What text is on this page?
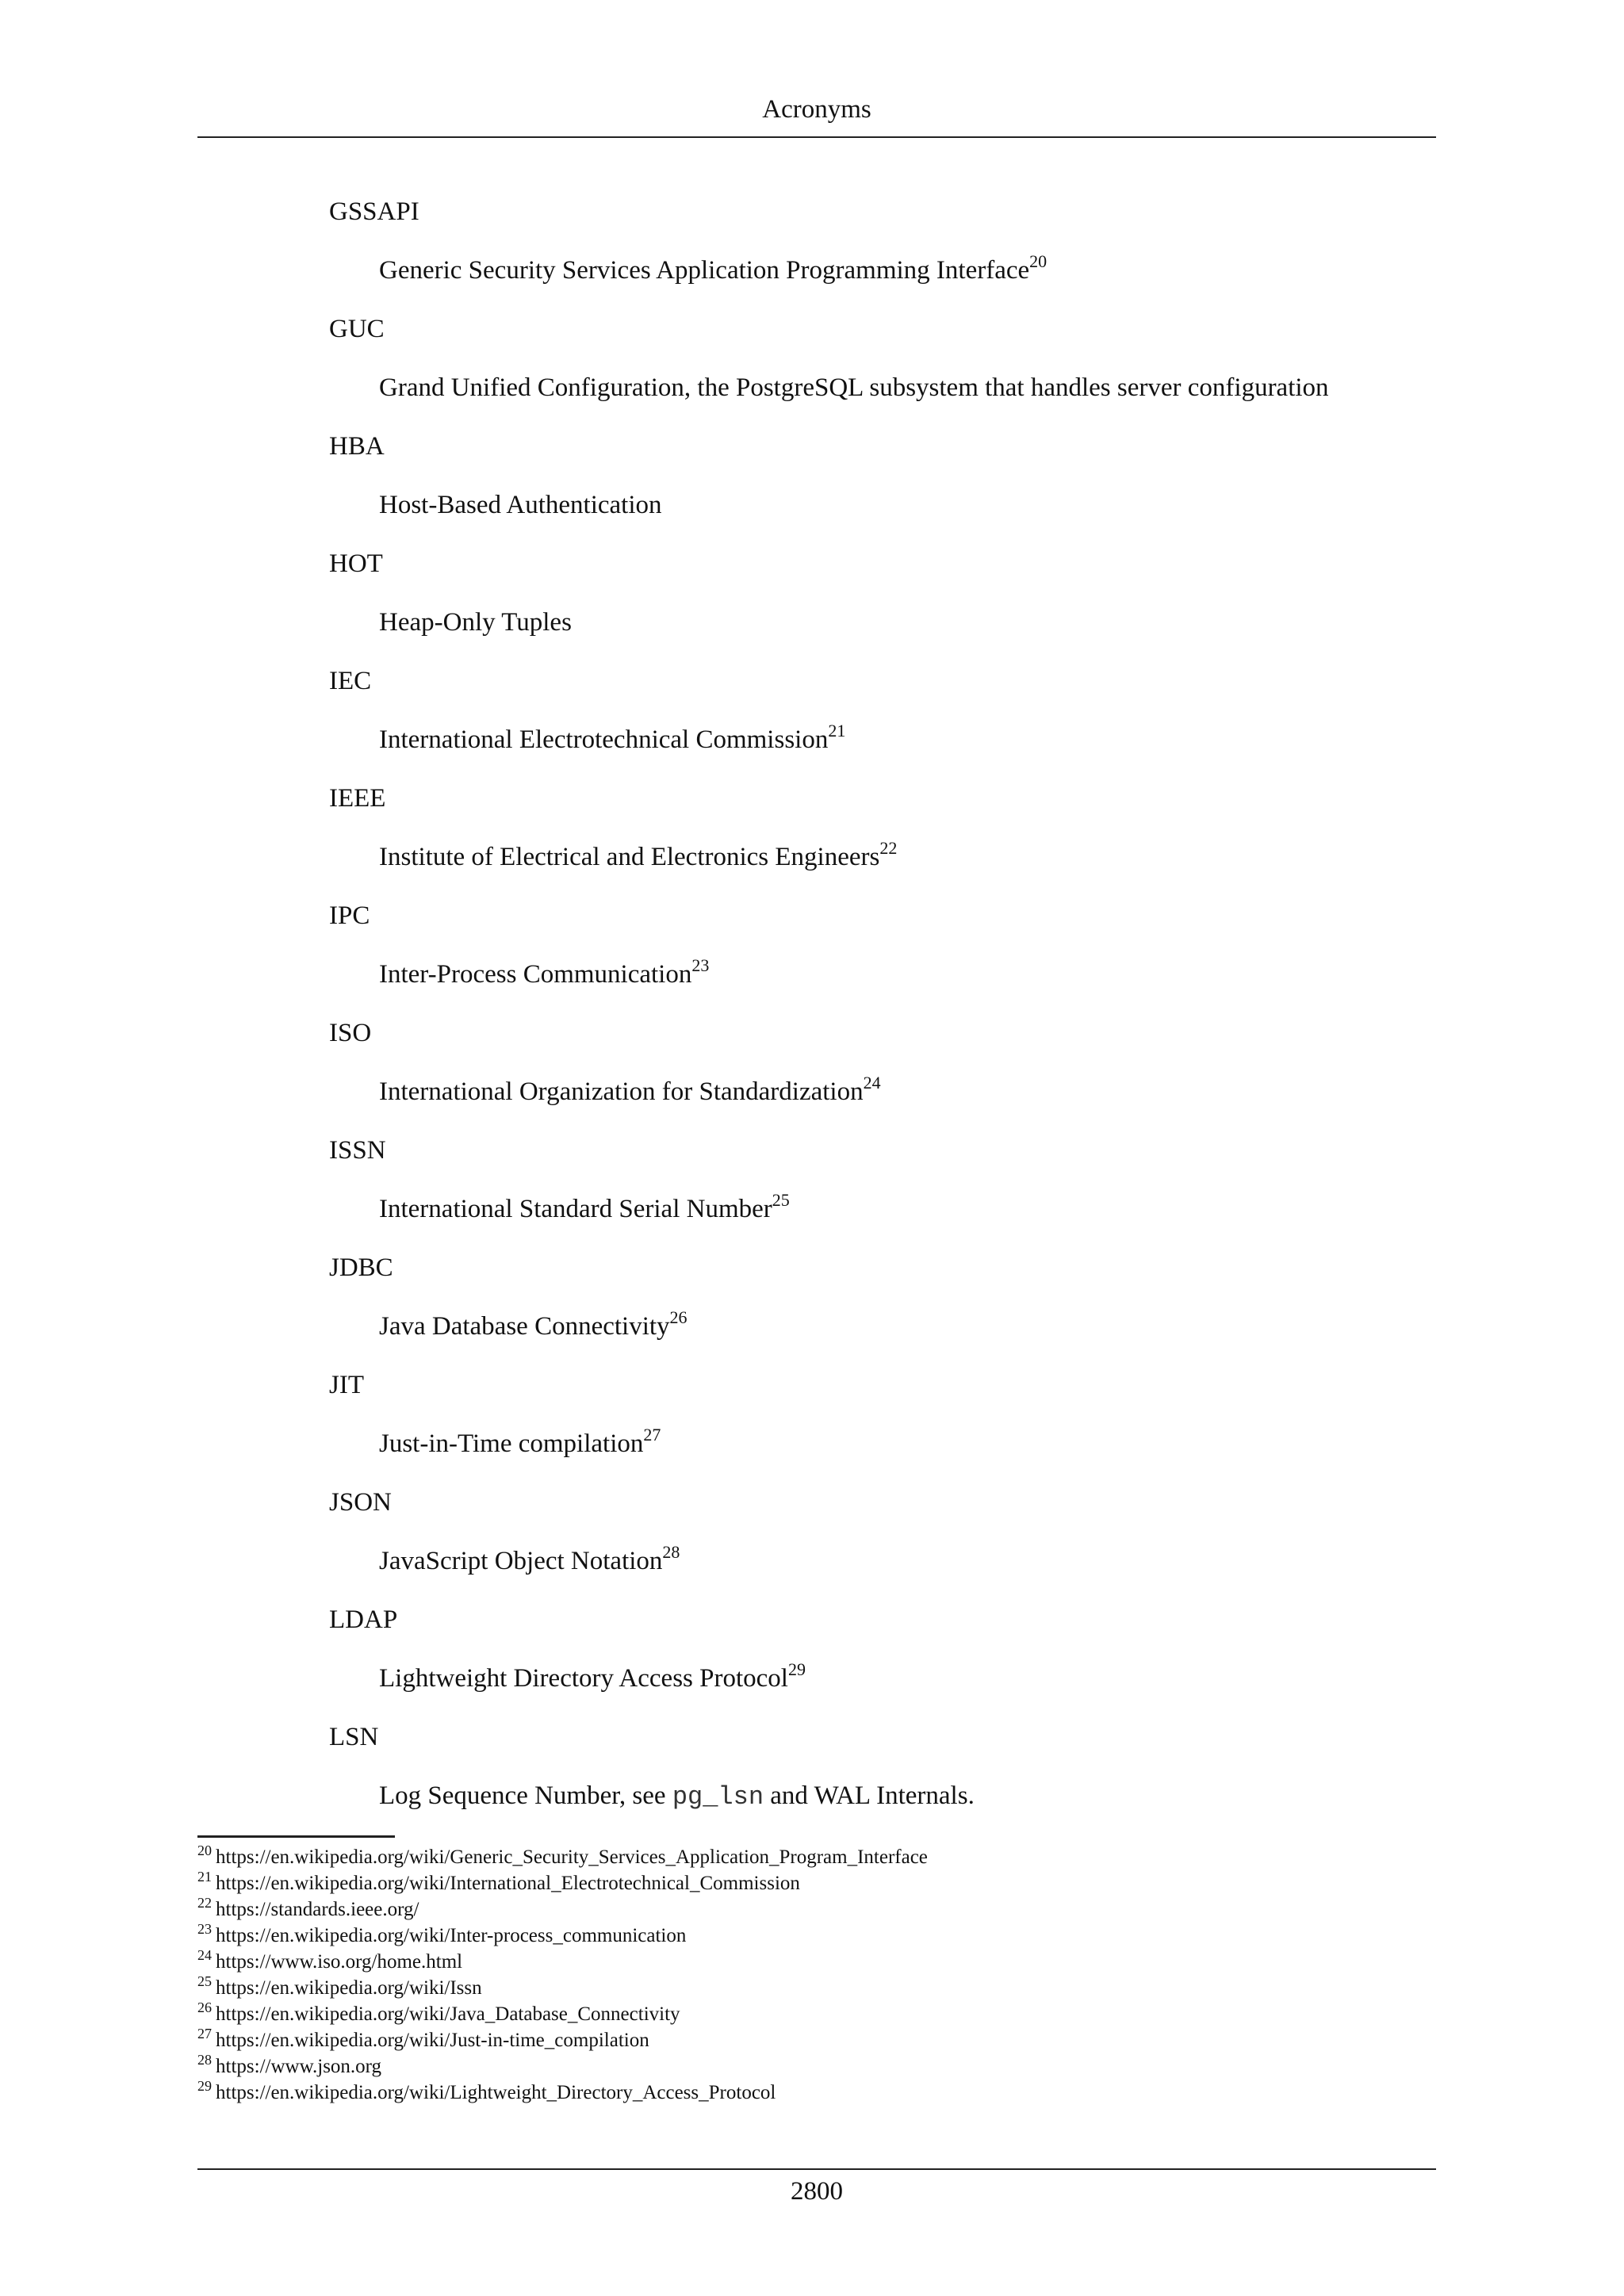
Acronyms
GSSAPI
Generic Security Services Application Programming Interface$^{20}$
GUC
Grand Unified Configuration, the PostgreSQL subsystem that handles server configuration
HBA
Host-Based Authentication
HOT
Heap-Only Tuples
IEC
International Electrotechnical Commission$^{21}$
IEEE
Institute of Electrical and Electronics Engineers$^{22}$
IPC
Inter-Process Communication$^{23}$
ISO
International Organization for Standardization$^{24}$
ISSN
International Standard Serial Number$^{25}$
JDBC
Java Database Connectivity$^{26}$
JIT
Just-in-Time compilation$^{27}$
JSON
JavaScript Object Notation$^{28}$
LDAP
Lightweight Directory Access Protocol$^{29}$
LSN
Log Sequence Number, see pg_lsn and WAL Internals.
$^{20}$ https://en.wikipedia.org/wiki/Generic_Security_Services_Application_Program_Interface
$^{21}$ https://en.wikipedia.org/wiki/International_Electrotechnical_Commission
$^{22}$ https://standards.ieee.org/
$^{23}$ https://en.wikipedia.org/wiki/Inter-process_communication
$^{24}$ https://www.iso.org/home.html
$^{25}$ https://en.wikipedia.org/wiki/Issn
$^{26}$ https://en.wikipedia.org/wiki/Java_Database_Connectivity
$^{27}$ https://en.wikipedia.org/wiki/Just-in-time_compilation
$^{28}$ https://www.json.org
$^{29}$ https://en.wikipedia.org/wiki/Lightweight_Directory_Access_Protocol
2800
